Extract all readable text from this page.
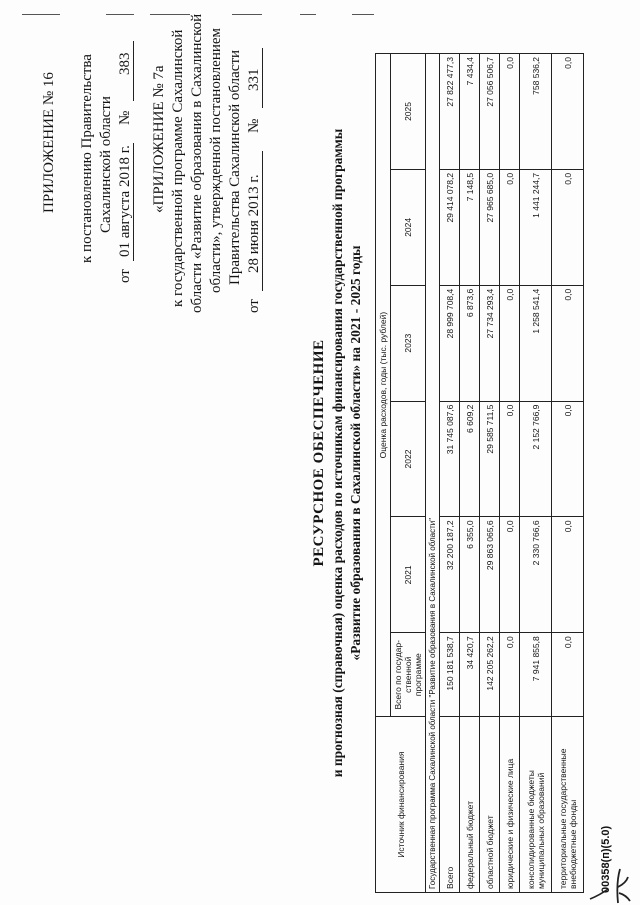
ПРИЛОЖЕНИЕ № 16 к постановлению Правительства Сахалинской области
от
01 августа 2018 г.
№
383
«ПРИЛОЖЕНИЕ № 7а к государственной программе Сахалинской области «Развитие образования в Сахалинской области», утвержденной постановлением Правительства Сахалинской области
от
28 июня 2013 г.
№
331
РЕСУРСНОЕ ОБЕСПЕЧЕНИЕ и прогнозная (справочная) оценка расходов по источникам финансирования государственной программы «Развитие образования в Сахалинской области» на 2021 - 2025 годы
Источник финансирования	Оценка расходов, годы (тыс. рублей)					
	Всего по государ-ственной программе	2021	2022	2023	2024	2025
Государственная программа Сахалинской области "Развитие образования в Сахалинской области"						
Всего	150 181 538,7	32 200 187,2	31 745 087,6	28 999 708,4	29 414 078,2	27 822 477,3
федеральный бюджет	34 420,7	6 355,0	6 609,2	6 873,6	7 148,5	7 434,4
областной бюджет	142 205 262,2	29 863 065,6	29 585 711,5	27 734 293,4	27 965 685,0	27 056 506,7
юридические и физические лица	0,0	0,0	0,0	0,0	0,0	0,0
консолидированные бюджеты муниципальных образований	7 941 855,8	2 330 766,6	2 152 766,9	1 258 541,4	1 441 244,7	758 536,2
территориальные государственные внебюджетные фонды	0,0	0,0	0,0	0,0	0,0	0,0
00358(п)(5.0)
